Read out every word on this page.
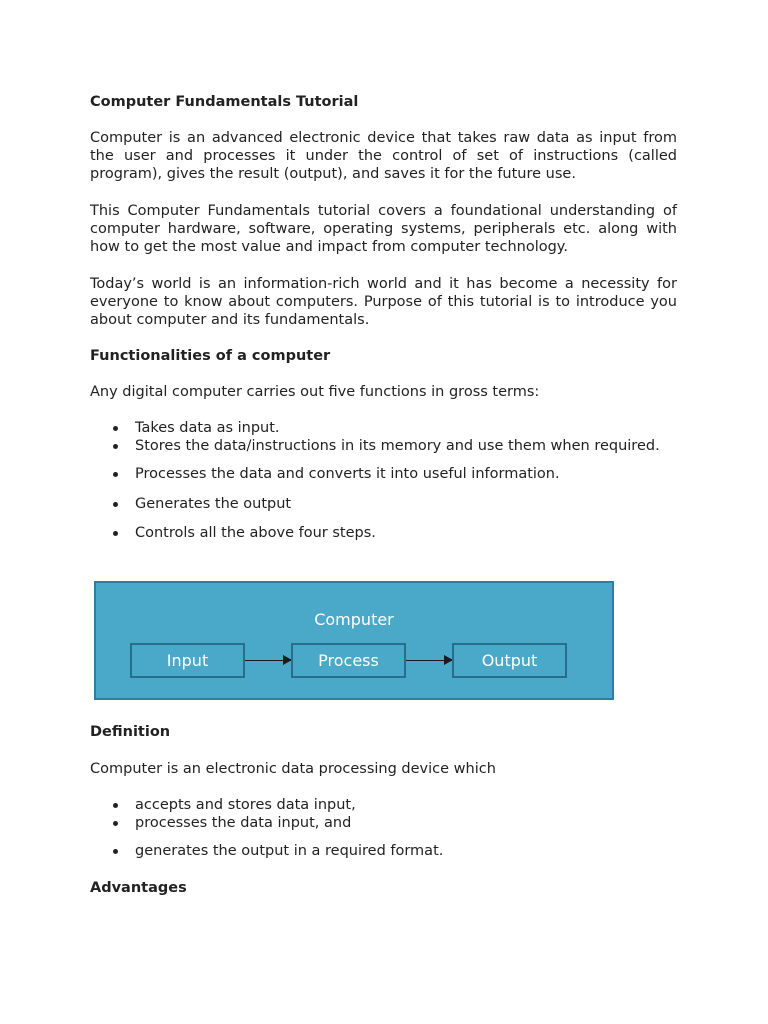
Computer Fundamentals Tutorial

Computer is an advanced electronic device that takes raw data as input from the user and processes it under the control of set of instructions (called program), gives the result (output), and saves it for the future use.

This Computer Fundamentals tutorial covers a foundational understanding of computer hardware, software, operating systems, peripherals etc. along with how to get the most value and impact from computer technology.

Today’s world is an information-rich world and it has become a necessity for everyone to know about computers. Purpose of this tutorial is to introduce you about computer and its fundamentals.

Functionalities of a computer

Any digital computer carries out five functions in gross terms:

Takes data as input.
Stores the data/instructions in its memory and use them when required.
Processes the data and converts it into useful information.
Generates the output
Controls all the above four steps.
Computer
Input	Process	Output
Definition

Computer is an electronic data processing device which

accepts and stores data input,
processes the data input, and
generates the output in a required format.
Advantages
